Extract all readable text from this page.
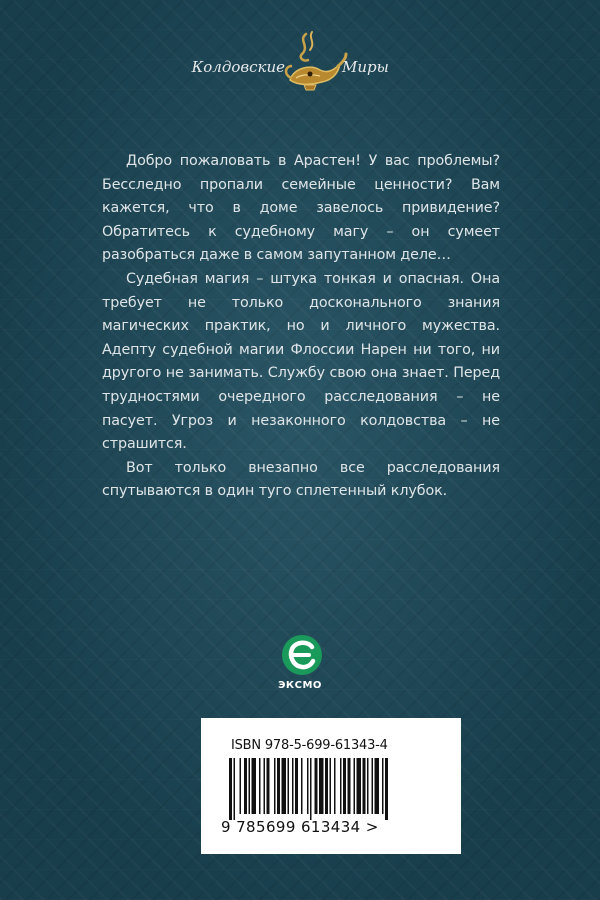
Колдовские	Миры

Добро пожаловать в Арастен! У вас проблемы? Бесследно пропали семейные ценности? Вам кажется, что в доме завелось привидение? Обратитесь к судебному магу – он сумеет разобраться даже в самом запутанном деле…

Судебная магия – штука тонкая и опасная. Она требует не только досконального знания магических практик, но и личного мужества. Адепту судебной магии Флоссии Нарен ни того, ни другого не занимать. Службу свою она знает. Перед трудностями очередного расследования – не пасует. Угроз и незаконного колдовства – не страшится.

Вот только внезапно все расследования спутываются в один туго сплетенный клубок.

ЭКСМО
ISBN 978-5-699-61343-4
9 785699 613434 >
